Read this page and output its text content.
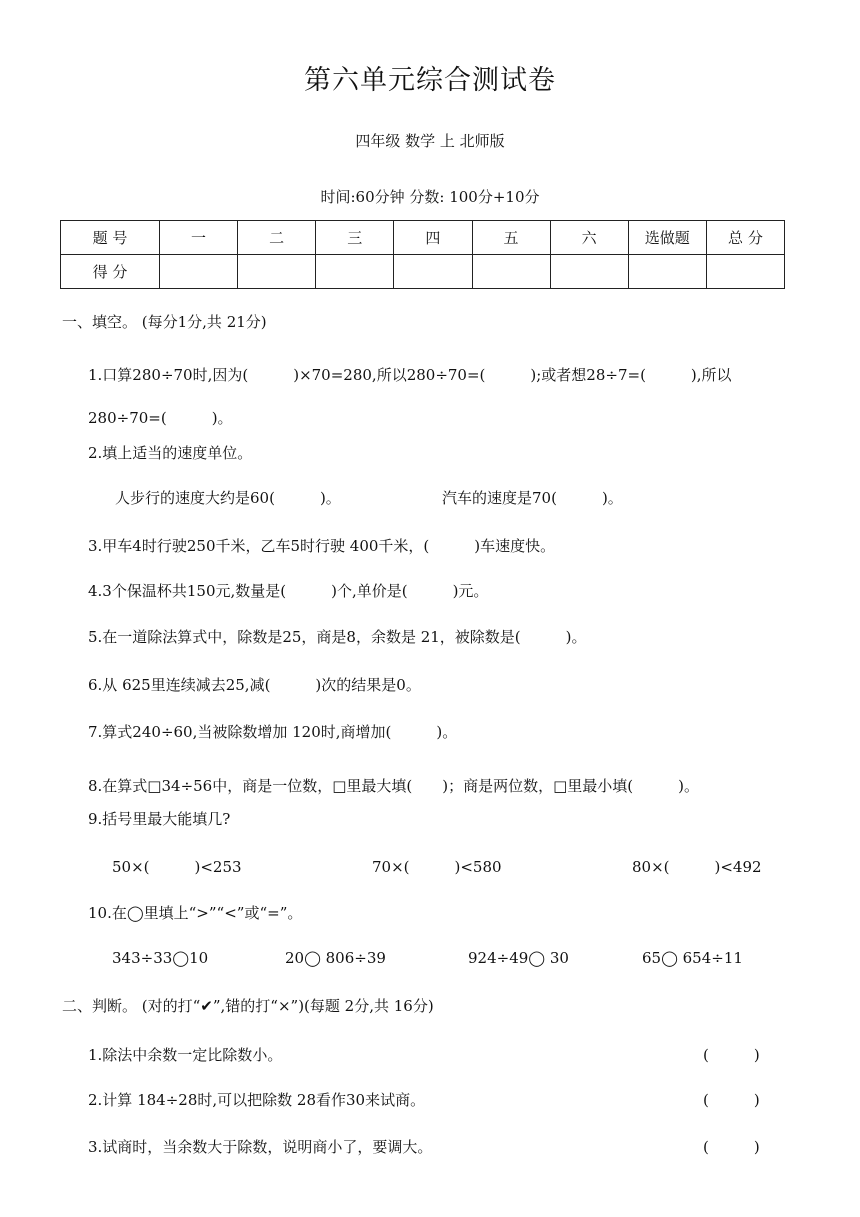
第六单元综合测试卷
四年级 数学 上 北师版
时间:60分钟 分数: 100分+10分
题 号	一	二	三	四	五	六	选做题	总 分
得 分								
一、填空。 (每分1分,共 21分)
1.口算280÷70时,因为(　　　)×70=280,所以280÷70=(　　　);或者想28÷7=(　　　),所以
280÷70=(　　　)。
2.填上适当的速度单位。
人步行的速度大约是60(　　　)。	汽车的速度是70(　　　)。
3.甲车4时行驶250千米，乙车5时行驶 400千米，(　　　)车速度快。
4.3个保温杯共150元,数量是(　　　)个,单价是(　　　)元。
5.在一道除法算式中，除数是25，商是8，余数是 21，被除数是(　　　)。
6.从 625里连续减去25,减(　　　)次的结果是0。
7.算式240÷60,当被除数增加 120时,商增加(　　　)。
8.在算式□34÷56中，商是一位数，□里最大填(　　)；商是两位数，□里最小填(　　　)。
9.括号里最大能填几?
50×(　　　)<253	70×(　　　)<580	80×(　　　)<492
10.在◯里填上“>”“<”或“=”。
343÷33◯10	20◯ 806÷39	924÷49◯ 30	65◯ 654÷11
二、判断。 (对的打“✔”,错的打“×”)(每题 2分,共 16分)
1.除法中余数一定比除数小。	(　　　)
2.计算 184÷28时,可以把除数 28看作30来试商。	(　　　)
3.试商时，当余数大于除数，说明商小了，要调大。	(　　　)
